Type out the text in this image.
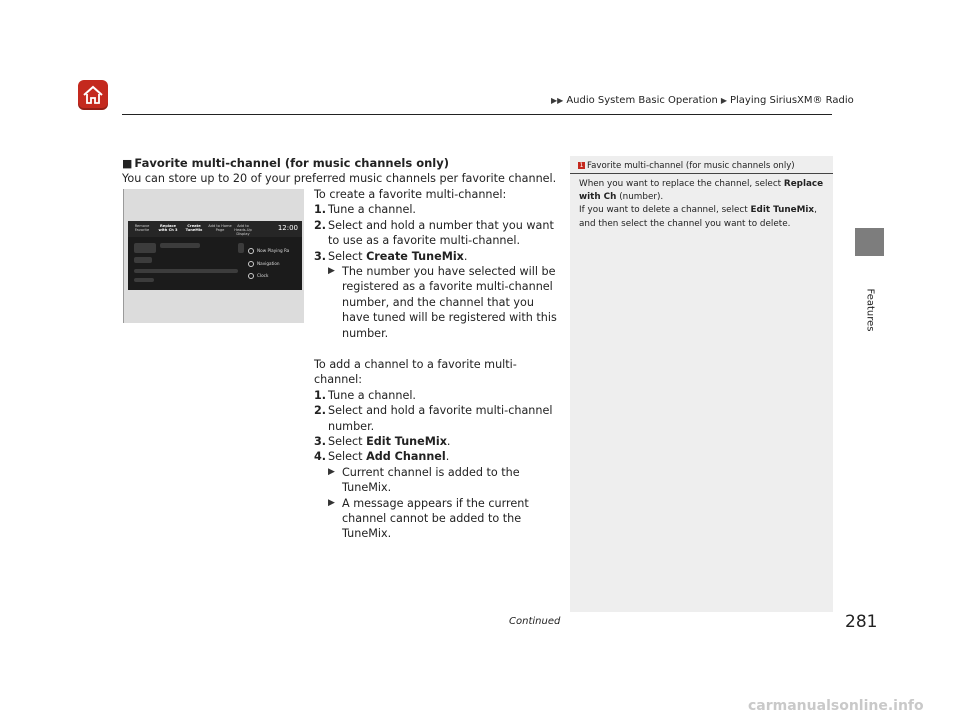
▶▶ Audio System Basic Operation ▶ Playing SiriusXM® Radio
Features
■ Favorite multi-channel (for music channels only)

You can store up to 20 of your preferred music channels per favorite channel.

Remove Favorite
Replace with Ch 3
Create TuneMix
Add to Home Page
Add to Heads-Up Display
12:00
Now Playing Ra
Navigation
Clock

To create a favorite multi-channel:

1. Tune a channel.

2. Select and hold a number that you want to use as a favorite multi-channel.

3. Select Create TuneMix.

▶ The number you have selected will be registered as a favorite multi-channel number, and the channel that you have tuned will be registered with this number.

To add a channel to a favorite multi-channel:

1. Tune a channel.

2. Select and hold a favorite multi-channel number.

3. Select Edit TuneMix.

4. Select Add Channel.

▶ Current channel is added to the TuneMix.

▶ A message appears if the current channel cannot be added to the TuneMix.

1 Favorite multi-channel (for music channels only)

When you want to replace the channel, select Replace with Ch (number).

If you want to delete a channel, select Edit TuneMix, and then select the channel you want to delete.

Continued	281
carmanualsonline.info
